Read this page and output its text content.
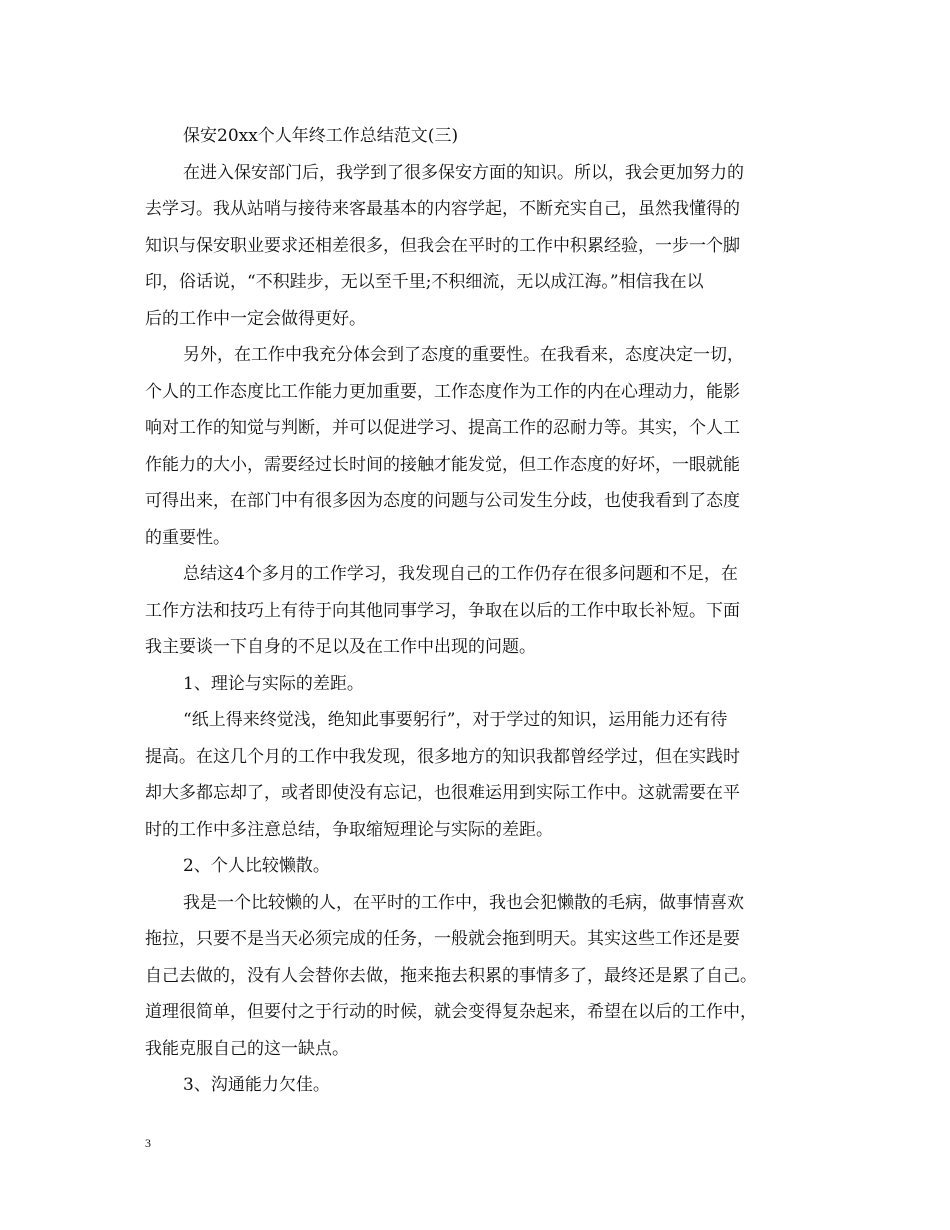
保安20xx个人年终工作总结范文(三)
在进入保安部门后，我学到了很多保安方面的知识。所以，我会更加努力的
去学习。我从站哨与接待来客最基本的内容学起，不断充实自己，虽然我懂得的
知识与保安职业要求还相差很多，但我会在平时的工作中积累经验，一步一个脚
印，俗话说，“不积跬步，无以至千里;不积细流，无以成江海。”相信我在以
后的工作中一定会做得更好。
另外，在工作中我充分体会到了态度的重要性。在我看来，态度决定一切，
个人的工作态度比工作能力更加重要，工作态度作为工作的内在心理动力，能影
响对工作的知觉与判断，并可以促进学习、提高工作的忍耐力等。其实，个人工
作能力的大小，需要经过长时间的接触才能发觉，但工作态度的好坏，一眼就能
可得出来，在部门中有很多因为态度的问题与公司发生分歧，也使我看到了态度
的重要性。
总结这4个多月的工作学习，我发现自己的工作仍存在很多问题和不足，在
工作方法和技巧上有待于向其他同事学习，争取在以后的工作中取长补短。下面
我主要谈一下自身的不足以及在工作中出现的问题。
1、理论与实际的差距。
“纸上得来终觉浅，绝知此事要躬行”，对于学过的知识，运用能力还有待
提高。在这几个月的工作中我发现，很多地方的知识我都曾经学过，但在实践时
却大多都忘却了，或者即使没有忘记，也很难运用到实际工作中。这就需要在平
时的工作中多注意总结，争取缩短理论与实际的差距。
2、个人比较懒散。
我是一个比较懒的人，在平时的工作中，我也会犯懒散的毛病，做事情喜欢
拖拉，只要不是当天必须完成的任务，一般就会拖到明天。其实这些工作还是要
自己去做的，没有人会替你去做，拖来拖去积累的事情多了，最终还是累了自己。
道理很简单，但要付之于行动的时候，就会变得复杂起来，希望在以后的工作中，
我能克服自己的这一缺点。
3、沟通能力欠佳。
3
